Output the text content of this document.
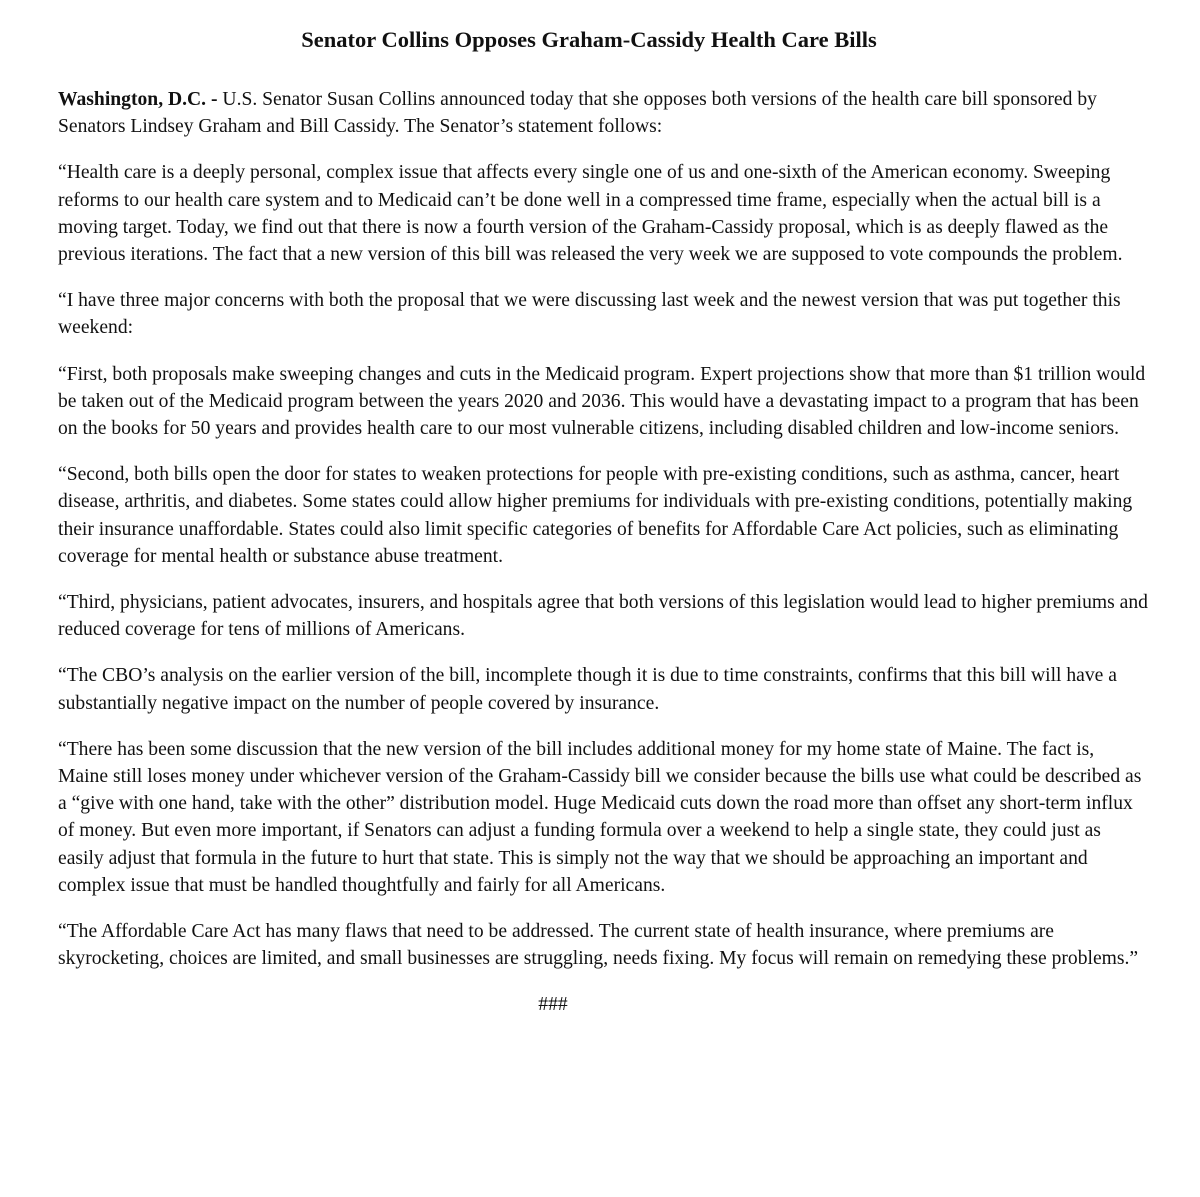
Senator Collins Opposes Graham-Cassidy Health Care Bills

Washington, D.C. - U.S. Senator Susan Collins announced today that she opposes both versions of the health care bill sponsored by Senators Lindsey Graham and Bill Cassidy. The Senator’s statement follows:

“Health care is a deeply personal, complex issue that affects every single one of us and one-sixth of the American economy. Sweeping reforms to our health care system and to Medicaid can’t be done well in a compressed time frame, especially when the actual bill is a moving target. Today, we find out that there is now a fourth version of the Graham-Cassidy proposal, which is as deeply flawed as the previous iterations. The fact that a new version of this bill was released the very week we are supposed to vote compounds the problem.

“I have three major concerns with both the proposal that we were discussing last week and the newest version that was put together this weekend:

“First, both proposals make sweeping changes and cuts in the Medicaid program. Expert projections show that more than $1 trillion would be taken out of the Medicaid program between the years 2020 and 2036. This would have a devastating impact to a program that has been on the books for 50 years and provides health care to our most vulnerable citizens, including disabled children and low-income seniors.

“Second, both bills open the door for states to weaken protections for people with pre-existing conditions, such as asthma, cancer, heart disease, arthritis, and diabetes. Some states could allow higher premiums for individuals with pre-existing conditions, potentially making their insurance unaffordable. States could also limit specific categories of benefits for Affordable Care Act policies, such as eliminating coverage for mental health or substance abuse treatment.

“Third, physicians, patient advocates, insurers, and hospitals agree that both versions of this legislation would lead to higher premiums and reduced coverage for tens of millions of Americans.

“The CBO’s analysis on the earlier version of the bill, incomplete though it is due to time constraints, confirms that this bill will have a substantially negative impact on the number of people covered by insurance.

“There has been some discussion that the new version of the bill includes additional money for my home state of Maine. The fact is, Maine still loses money under whichever version of the Graham-Cassidy bill we consider because the bills use what could be described as a “give with one hand, take with the other” distribution model. Huge Medicaid cuts down the road more than offset any short-term influx of money. But even more important, if Senators can adjust a funding formula over a weekend to help a single state, they could just as easily adjust that formula in the future to hurt that state. This is simply not the way that we should be approaching an important and complex issue that must be handled thoughtfully and fairly for all Americans.

“The Affordable Care Act has many flaws that need to be addressed. The current state of health insurance, where premiums are skyrocketing, choices are limited, and small businesses are struggling, needs fixing. My focus will remain on remedying these problems.”

###
